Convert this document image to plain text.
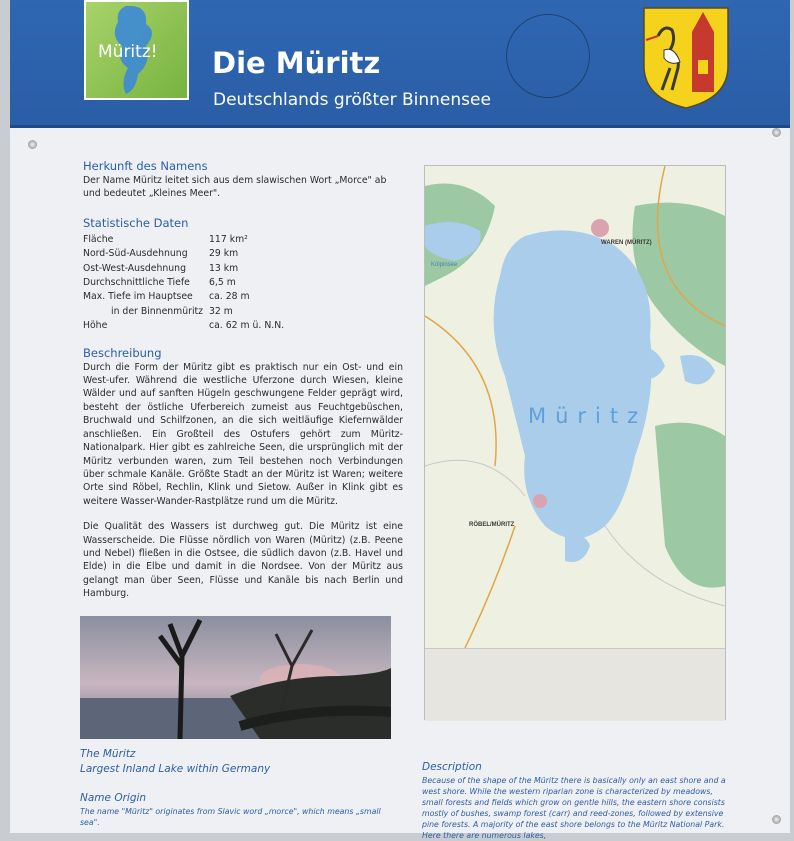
Müritz! Die Müritz
Deutschlands größter Binnensee
Herkunft des Namens

Der Name Müritz leitet sich aus dem slawischen Wort „Morce" ab und bedeutet „Kleines Meer".

Statistische Daten
Fläche	117 km²
Nord-Süd-Ausdehnung	29 km
Ost-West-Ausdehnung	13 km
Durchschnittliche Tiefe	6,5 m
Max. Tiefe im Hauptsee	ca. 28 m
in der Binnenmüritz 32 m
Höhe	ca. 62 m ü. N.N.
Beschreibung

Durch die Form der Müritz gibt es praktisch nur ein Ost- und ein West-ufer. Während die westliche Uferzone durch Wiesen, kleine Wälder und auf sanften Hügeln geschwungene Felder geprägt wird, besteht der östliche Uferbereich zumeist aus Feuchtgebüschen, Bruchwald und Schilfzonen, an die sich weitläufige Kiefernwälder anschließen. Ein Großteil des Ostufers gehört zum Müritz-Nationalpark. Hier gibt es zahlreiche Seen, die ursprünglich mit der Müritz verbunden waren, zum Teil bestehen noch Verbindungen über schmale Kanäle. Größte Stadt an der Müritz ist Waren; weitere Orte sind Röbel, Rechlin, Klink und Sietow. Außer in Klink gibt es weitere Wasser-Wander-Rastplätze rund um die Müritz.

Die Qualität des Wassers ist durchweg gut. Die Müritz ist eine Wasserscheide. Die Flüsse nördlich von Waren (Müritz) (z.B. Peene und Nebel) fließen in die Ostsee, die südlich davon (z.B. Havel und Elde) in die Elbe und damit in die Nordsee. Von der Müritz aus gelangt man über Seen, Flüsse und Kanäle bis nach Berlin und Hamburg.

Müritz
WAREN (MÜRITZ)
RÖBEL/MÜRITZ
Kölpinsee
The Müritz
Largest Inland Lake within Germany
Name Origin
The name "Müritz" originates from Slavic word „morce", which means „small sea".
Description
Because of the shape of the Müritz there is basically only an east shore and a west shore. While the western riparian zone is characterized by meadows, small forests and fields which grow on gentle hills, the eastern shore consists mostly of bushes, swamp forest (carr) and reed-zones, followed by extensive pine forests. A majority of the east shore belongs to the Müritz National Park. Here there are numerous lakes,
